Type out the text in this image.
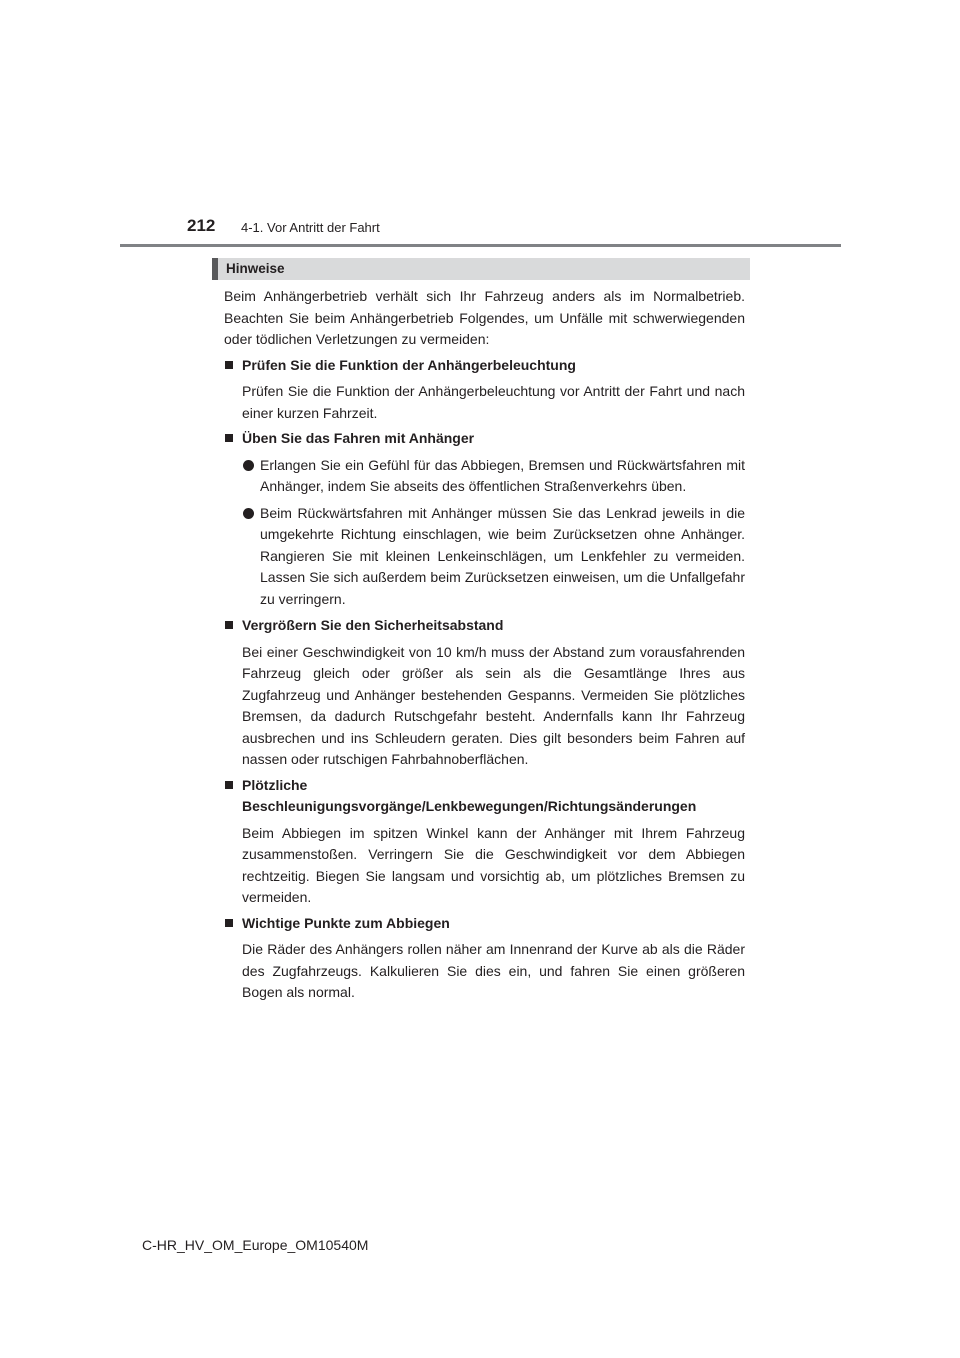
212 4-1. Vor Antritt der Fahrt
Hinweise

Beim Anhängerbetrieb verhält sich Ihr Fahrzeug anders als im Normalbetrieb. Beachten Sie beim Anhängerbetrieb Folgendes, um Unfälle mit schwerwiegenden oder tödlichen Verletzungen zu vermeiden:

Prüfen Sie die Funktion der Anhängerbeleuchtung

Prüfen Sie die Funktion der Anhängerbeleuchtung vor Antritt der Fahrt und nach einer kurzen Fahrzeit.

Üben Sie das Fahren mit Anhänger

Erlangen Sie ein Gefühl für das Abbiegen, Bremsen und Rückwärtsfahren mit Anhänger, indem Sie abseits des öffentlichen Straßenverkehrs üben.
Beim Rückwärtsfahren mit Anhänger müssen Sie das Lenkrad jeweils in die umgekehrte Richtung einschlagen, wie beim Zurücksetzen ohne Anhänger. Rangieren Sie mit kleinen Lenkeinschlägen, um Lenkfehler zu vermeiden. Lassen Sie sich außerdem beim Zurücksetzen einweisen, um die Unfallgefahr zu verringern.

Vergrößern Sie den Sicherheitsabstand

Bei einer Geschwindigkeit von 10 km/h muss der Abstand zum vorausfahrenden Fahrzeug gleich oder größer als sein als die Gesamtlänge Ihres aus Zugfahrzeug und Anhänger bestehenden Gespanns. Vermeiden Sie plötzliches Bremsen, da dadurch Rutschgefahr besteht. Andernfalls kann Ihr Fahrzeug ausbrechen und ins Schleudern geraten. Dies gilt besonders beim Fahren auf nassen oder rutschigen Fahrbahnoberflächen.

Plötzliche Beschleunigungsvorgänge/Lenkbewegungen/Richtungsänderungen

Beim Abbiegen im spitzen Winkel kann der Anhänger mit Ihrem Fahrzeug zusammenstoßen. Verringern Sie die Geschwindigkeit vor dem Abbiegen rechtzeitig. Biegen Sie langsam und vorsichtig ab, um plötzliches Bremsen zu vermeiden.

Wichtige Punkte zum Abbiegen

Die Räder des Anhängers rollen näher am Innenrand der Kurve ab als die Räder des Zugfahrzeugs. Kalkulieren Sie dies ein, und fahren Sie einen größeren Bogen als normal.

C-HR_HV_OM_Europe_OM10540M
